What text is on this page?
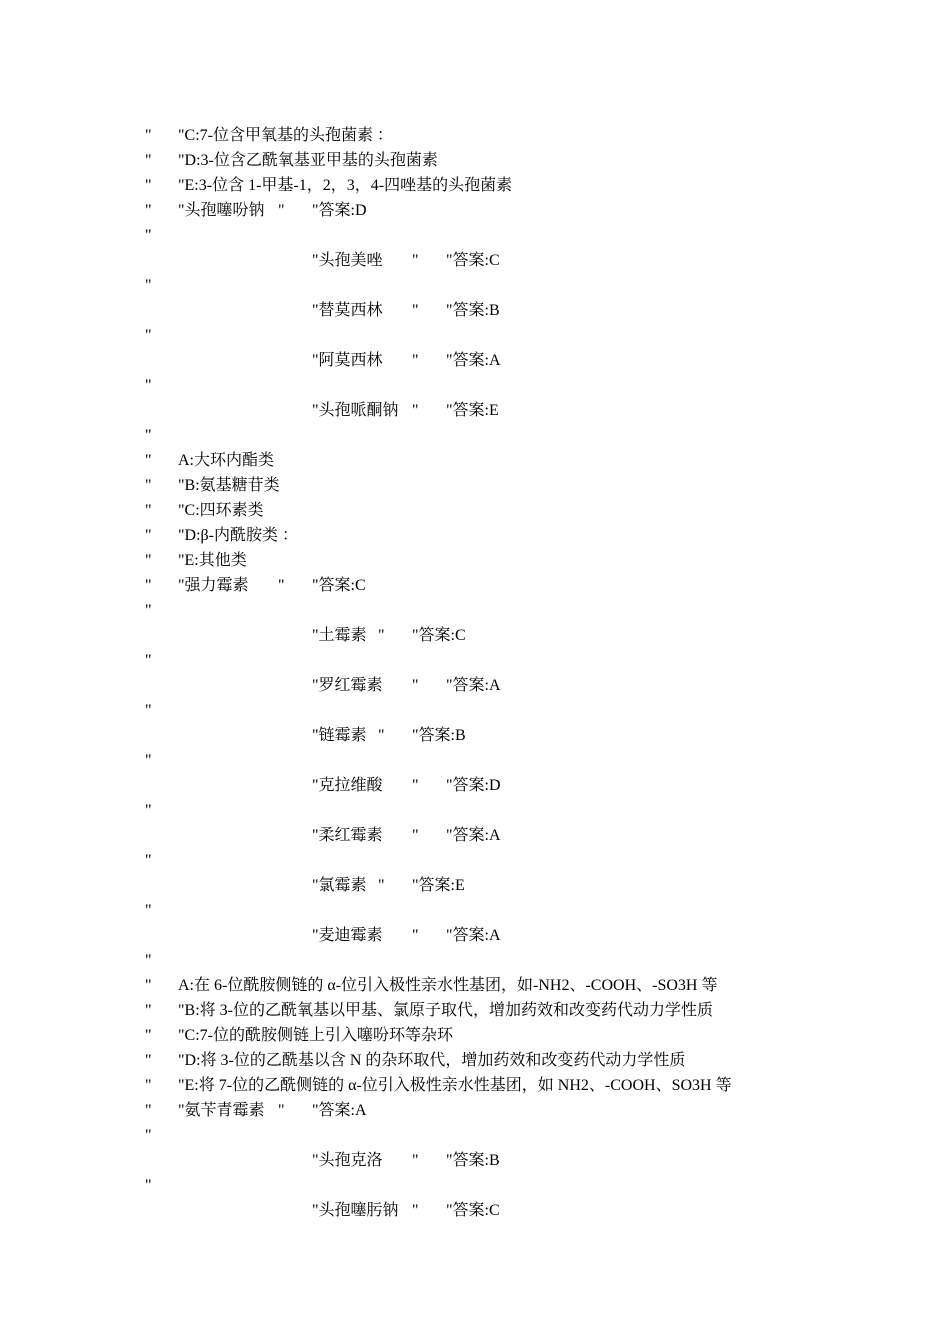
"

"C:7-位含甲氧基的头孢菌素 ：

"

"D:3-位含乙酰氧基亚甲基的头孢菌素

"

"E:3-位含 1-甲基-1，2，3，4-四唑基的头孢菌素

"

"头孢噻吩钠

"

"答案:D

"

"头孢美唑

"

"答案:C

"

"替莫西林

"

"答案:B

"

"阿莫西林

"

"答案:A

"

"头孢哌酮钠

"

"答案:E

"

"

A:大环内酯类

"

"B:氨基糖苷类

"

"C:四环素类

"

"D:β-内酰胺类 ：

"

"E:其他类

"

"强力霉素

"

"答案:C

"

"土霉素

"

"答案:C

"

"罗红霉素

"

"答案:A

"

"链霉素

"

"答案:B

"

"克拉维酸

"

"答案:D

"

"柔红霉素

"

"答案:A

"

"氯霉素

"

"答案:E

"

"麦迪霉素

"

"答案:A

"

"

A:在 6-位酰胺侧链的 α-位引入极性亲水性基团，如-NH2、-COOH、-SO3H 等

"

"B:将 3-位的乙酰氧基以甲基、氯原子取代，增加药效和改变药代动力学性质

"

"C:7-位的酰胺侧链上引入噻吩环等杂环

"

"D:将 3-位的乙酰基以含 N 的杂环取代，增加药效和改变药代动力学性质

"

"E:将 7-位的乙酰侧链的 α-位引入极性亲水性基团，如 NH2、-COOH、SO3H 等

"

"氨苄青霉素

"

"答案:A

"

"头孢克洛

"

"答案:B

"

"头孢噻肟钠

"

"答案:C
